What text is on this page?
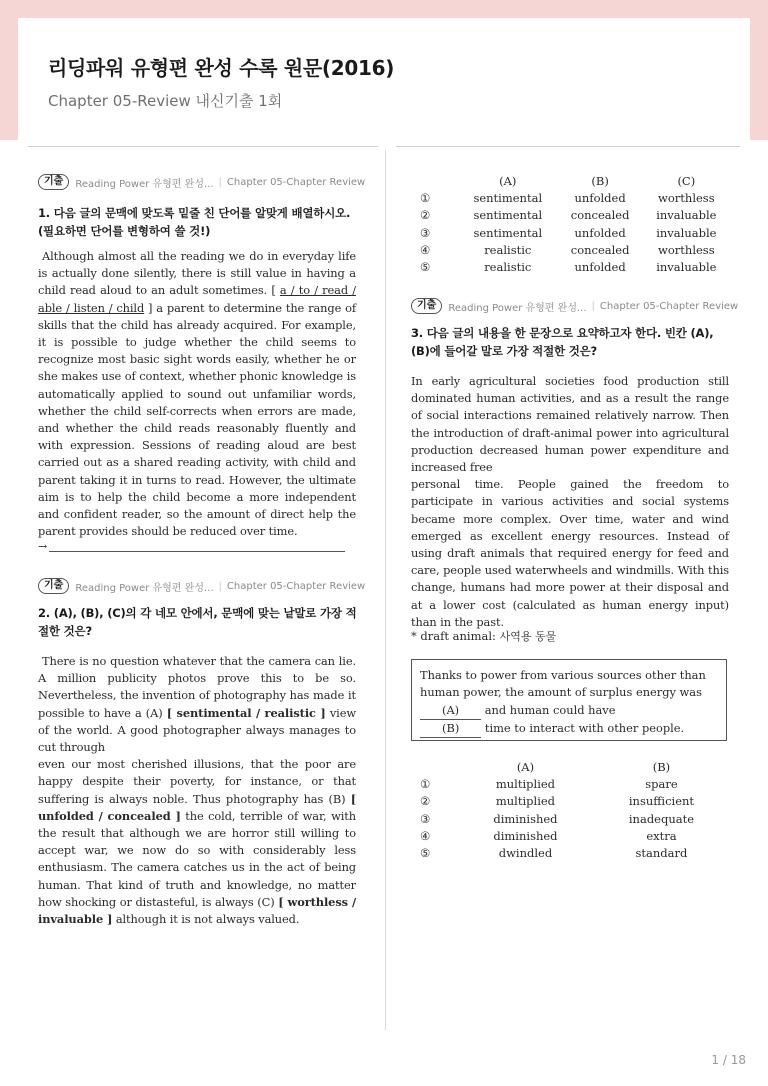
리딩파워 유형편 완성 수록 원문(2016)
Chapter 05-Review 내신기출 1회
기출	Reading Power 유형편 완성... | Chapter 05-Chapter Review
1. 다음 글의 문맥에 맞도록 밑줄 친 단어를 알맞게 배열하시오.
(필요하면 단어를 변형하여 쓸 것!)

Although almost all the reading we do in everyday life is actually done silently, there is still value in having a child read aloud to an adult sometimes. [ a / to / read / able / listen / child ] a parent to determine the range of skills that the child has already acquired. For example, it is possible to judge whether the child seems to recognize most basic sight words easily, whether he or she makes use of context, whether phonic knowledge is automatically applied to sound out unfamiliar words, whether the child self-corrects when errors are made, and whether the child reads reasonably fluently and with expression. Sessions of reading aloud are best carried out as a shared reading activity, with child and parent taking it in turns to read. However, the ultimate aim is to help the child become a more independent and confident reader, so the amount of direct help the parent provides should be reduced over time.

→
기출	Reading Power 유형편 완성... | Chapter 05-Chapter Review
2. (A), (B), (C)의 각 네모 안에서, 문맥에 맞는 낱말로 가장 적
절한 것은?

There is no question whatever that the camera can lie. A million publicity photos prove this to be so. Nevertheless, the invention of photography has made it possible to have a (A) [ sentimental / realistic ] view of the world. A good photographer always manages to cut through

even our most cherished illusions, that the poor are happy despite their poverty, for instance, or that suffering is always noble. Thus photography has (B) [ unfolded / concealed ] the cold, terrible of war, with the result that although we are horror still willing to accept war, we now do so with considerably less enthusiasm. The camera catches us in the act of being human. That kind of truth and knowledge, no matter how shocking or distasteful, is always (C) [ worthless / invaluable ] although it is not always valued.

	(A)	(B)	(C)
①	sentimental	unfolded	worthless
②	sentimental	concealed	invaluable
③	sentimental	unfolded	invaluable
④	realistic	concealed	worthless
⑤	realistic	unfolded	invaluable
기출	Reading Power 유형편 완성... | Chapter 05-Chapter Review
3. 다음 글의 내용을 한 문장으로 요약하고자 한다. 빈칸 (A),
(B)에 들어갈 말로 가장 적절한 것은?

In early agricultural societies food production still dominated human activities, and as a result the range of social interactions remained relatively narrow. Then the introduction of draft-animal power into agricultural production decreased human power expenditure and increased free

personal time. People gained the freedom to participate in various activities and social systems became more complex. Over time, water and wind emerged as excellent energy resources. Instead of using draft animals that required energy for feed and care, people used waterwheels and windmills. With this change, humans had more power at their disposal and at a lower cost (calculated as human energy input) than in the past.

* draft animal: 사역용 동물
Thanks to power from various sources other than human power, the amount of surplus energy was
(A) and human could have
(B) time to interact with other people.
	(A)	(B)
①	multiplied	spare
②	multiplied	insufficient
③	diminished	inadequate
④	diminished	extra
⑤	dwindled	standard
1 / 18
